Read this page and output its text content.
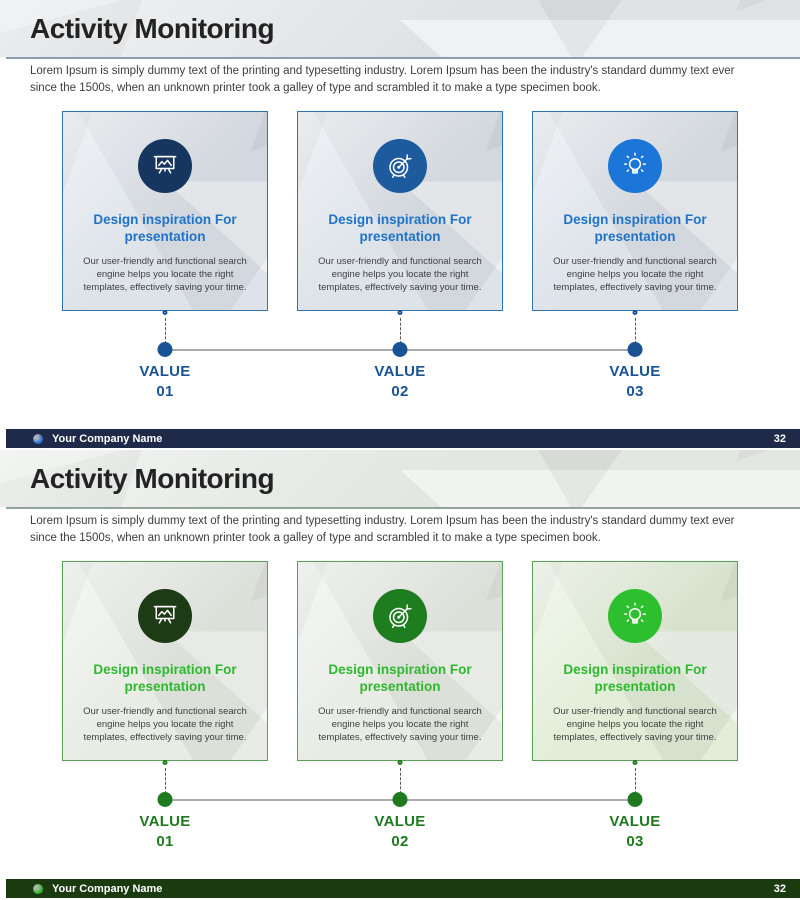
Activity Monitoring

Lorem Ipsum is simply dummy text of the printing and typesetting industry. Lorem Ipsum has been the industry's standard dummy text ever since the 1500s, when an unknown printer took a galley of type and scrambled it to make a type specimen book.

Design inspiration For presentation
Our user-friendly and functional search engine helps you locate the right templates, effectively saving your time.
Design inspiration For presentation
Our user-friendly and functional search engine helps you locate the right templates, effectively saving your time.
Design inspiration For presentation
Our user-friendly and functional search engine helps you locate the right templates, effectively saving your time.
VALUE
01
VALUE
02
VALUE
03
Your Company Name	32
Activity Monitoring

Lorem Ipsum is simply dummy text of the printing and typesetting industry. Lorem Ipsum has been the industry's standard dummy text ever since the 1500s, when an unknown printer took a galley of type and scrambled it to make a type specimen book.

Design inspiration For presentation
Our user-friendly and functional search engine helps you locate the right templates, effectively saving your time.
Design inspiration For presentation
Our user-friendly and functional search engine helps you locate the right templates, effectively saving your time.
Design inspiration For presentation
Our user-friendly and functional search engine helps you locate the right templates, effectively saving your time.
VALUE
01
VALUE
02
VALUE
03
Your Company Name	32
